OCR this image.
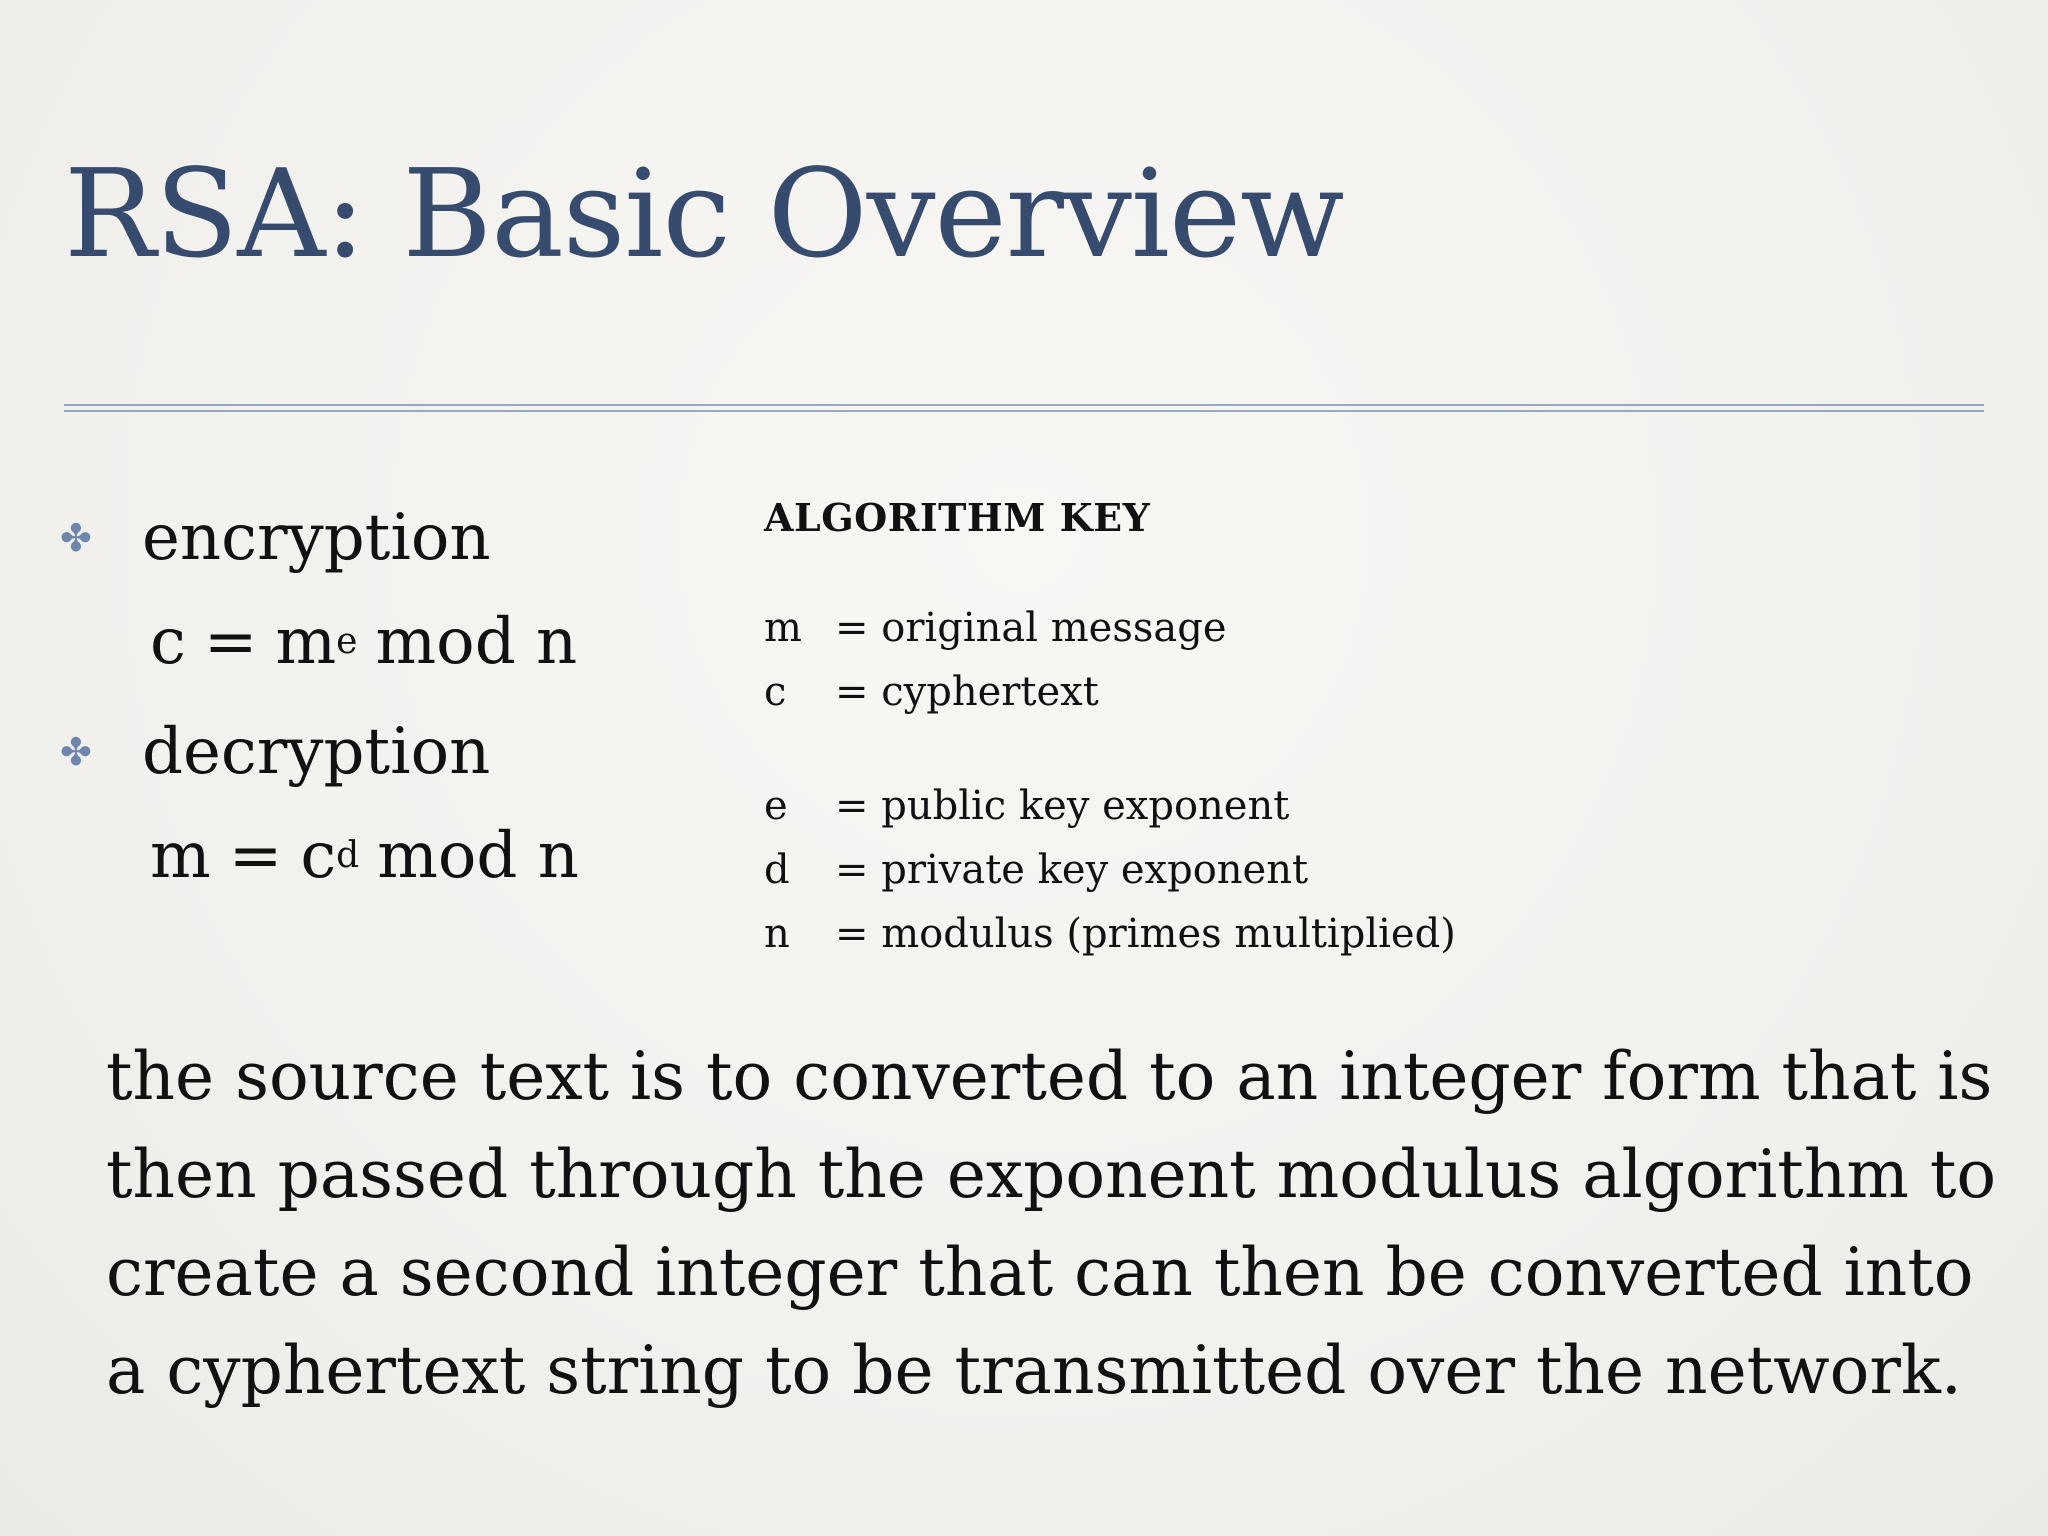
RSA: Basic Overview
✤ encryption
c = m e mod n
✤ decryption
m = c d mod n
ALGORITHM KEY
m = original message
c	= cyphertext
e	= public key exponent
d	= private key exponent
n	= modulus (primes multiplied)

the source text is to converted to an integer form that is then passed through the exponent modulus algorithm to create a second integer that can then be converted into a cyphertext string to be transmitted over the network.
